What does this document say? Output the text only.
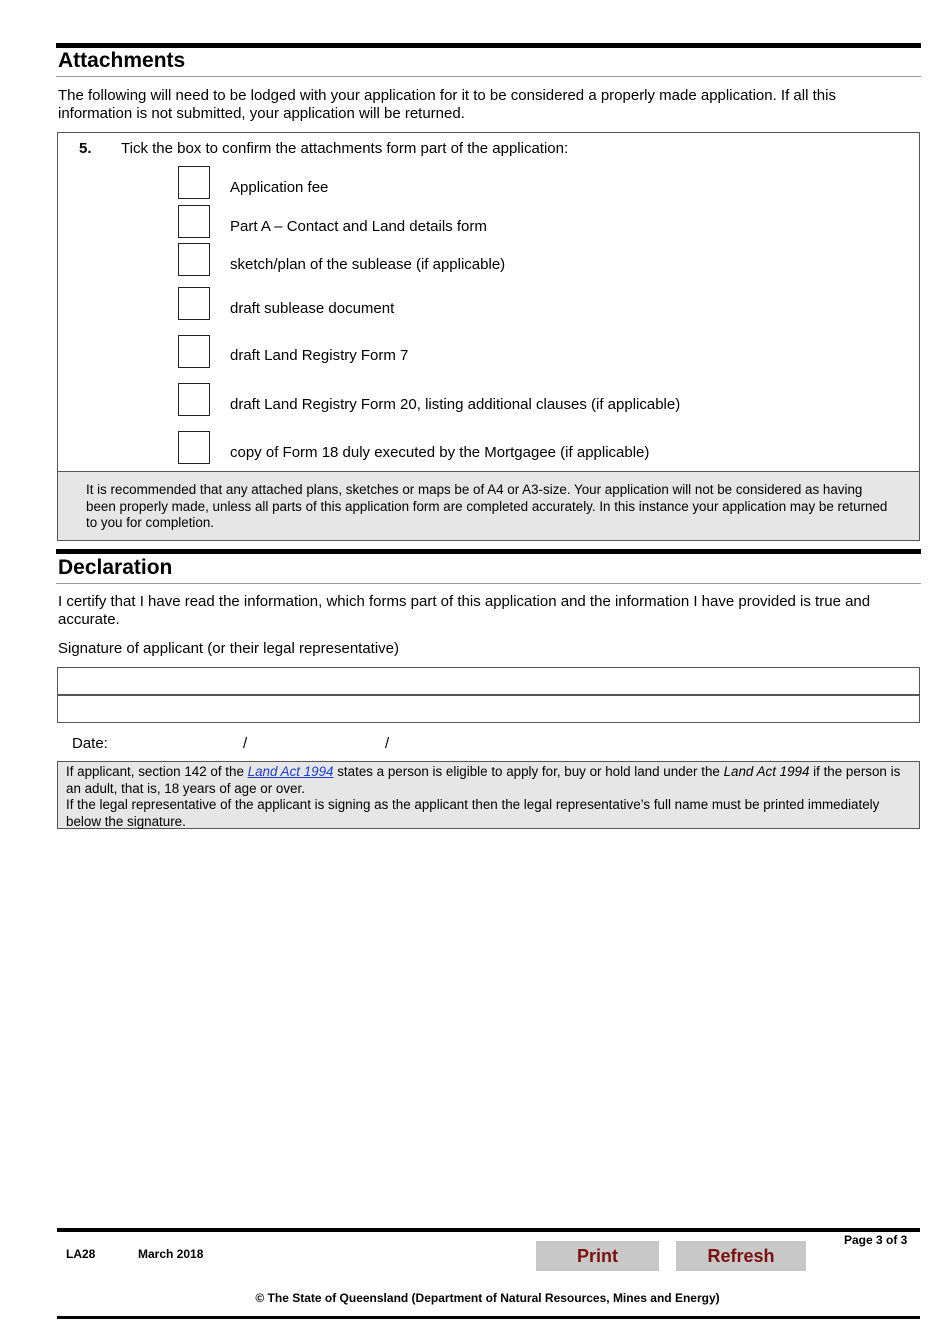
Attachments
The following will need to be lodged with your application for it to be considered a properly made application. If all this information is not submitted, your application will be returned.
5. Tick the box to confirm the attachments form part of the application:
Application fee
Part A – Contact and Land details form
sketch/plan of the sublease (if applicable)
draft sublease document
draft Land Registry Form 7
draft Land Registry Form 20, listing additional clauses (if applicable)
copy of Form 18 duly executed by the Mortgagee (if applicable)
It is recommended that any attached plans, sketches or maps be of A4 or A3-size. Your application will not be considered as having been properly made, unless all parts of this application form are completed accurately. In this instance your application may be returned to you for completion.
Declaration
I certify that I have read the information, which forms part of this application and the information I have provided is true and accurate.
Signature of applicant (or their legal representative)
Date:	/	/
If applicant, section 142 of the Land Act 1994 states a person is eligible to apply for, buy or hold land under the Land Act 1994 if the person is an adult, that is, 18 years of age or over.
If the legal representative of the applicant is signing as the applicant then the legal representative’s full name must be printed immediately below the signature.
LA28	March 2018	Print	Refresh
Page 3 of 3
© The State of Queensland (Department of Natural Resources, Mines and Energy)
